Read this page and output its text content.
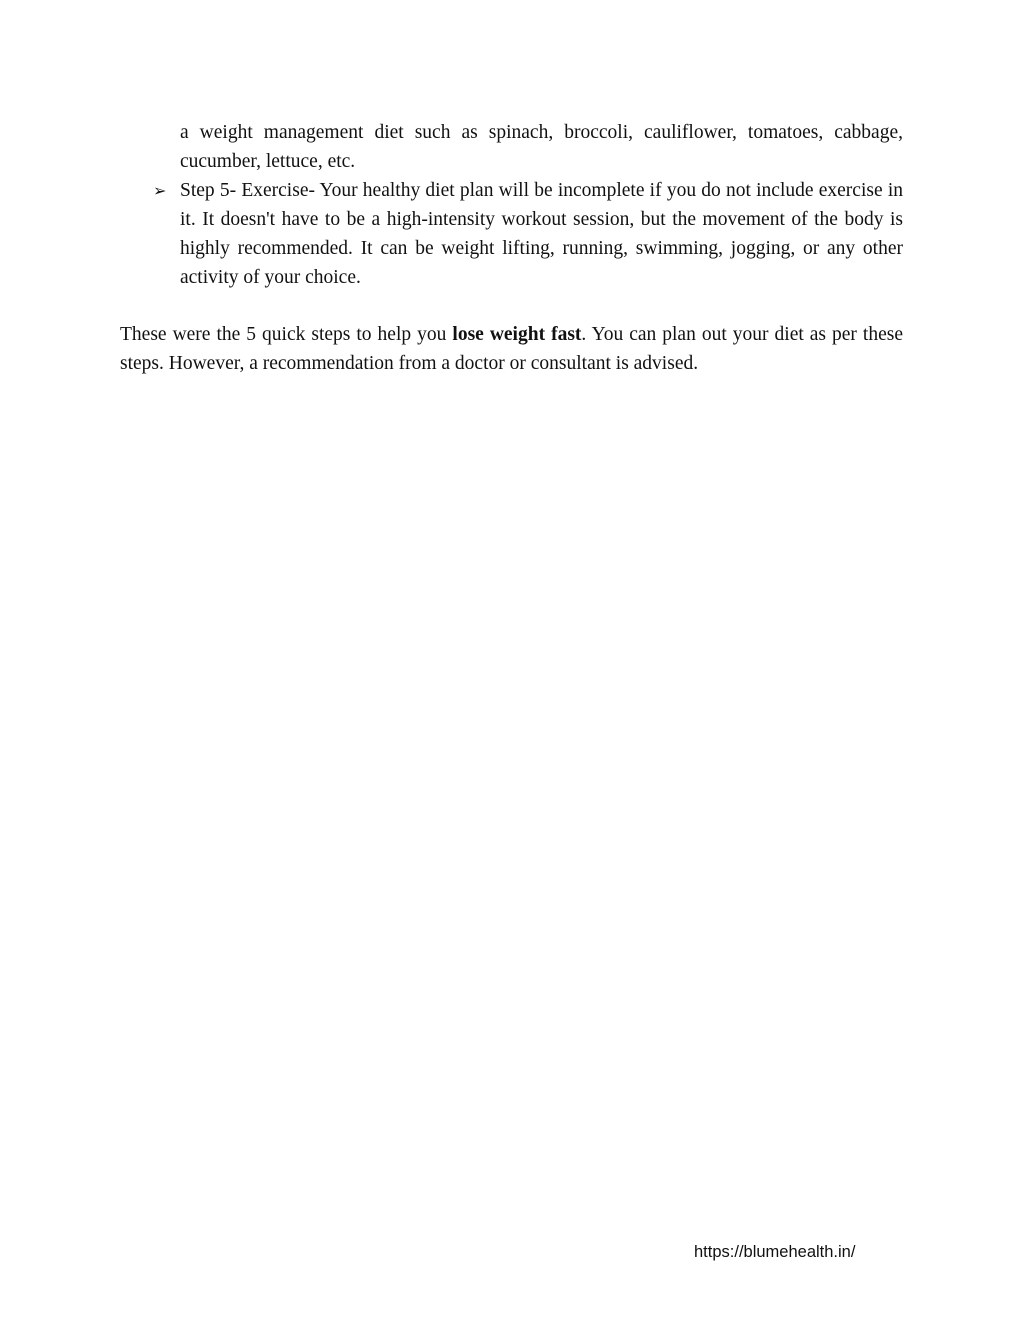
a weight management diet such as spinach, broccoli, cauliflower, tomatoes, cabbage, cucumber, lettuce, etc.
➢ Step 5- Exercise- Your healthy diet plan will be incomplete if you do not include exercise in it. It doesn't have to be a high-intensity workout session, but the movement of the body is highly recommended. It can be weight lifting, running, swimming, jogging, or any other activity of your choice.

These were the 5 quick steps to help you lose weight fast. You can plan out your diet as per these steps. However, a recommendation from a doctor or consultant is advised.

https://blumehealth.in/
